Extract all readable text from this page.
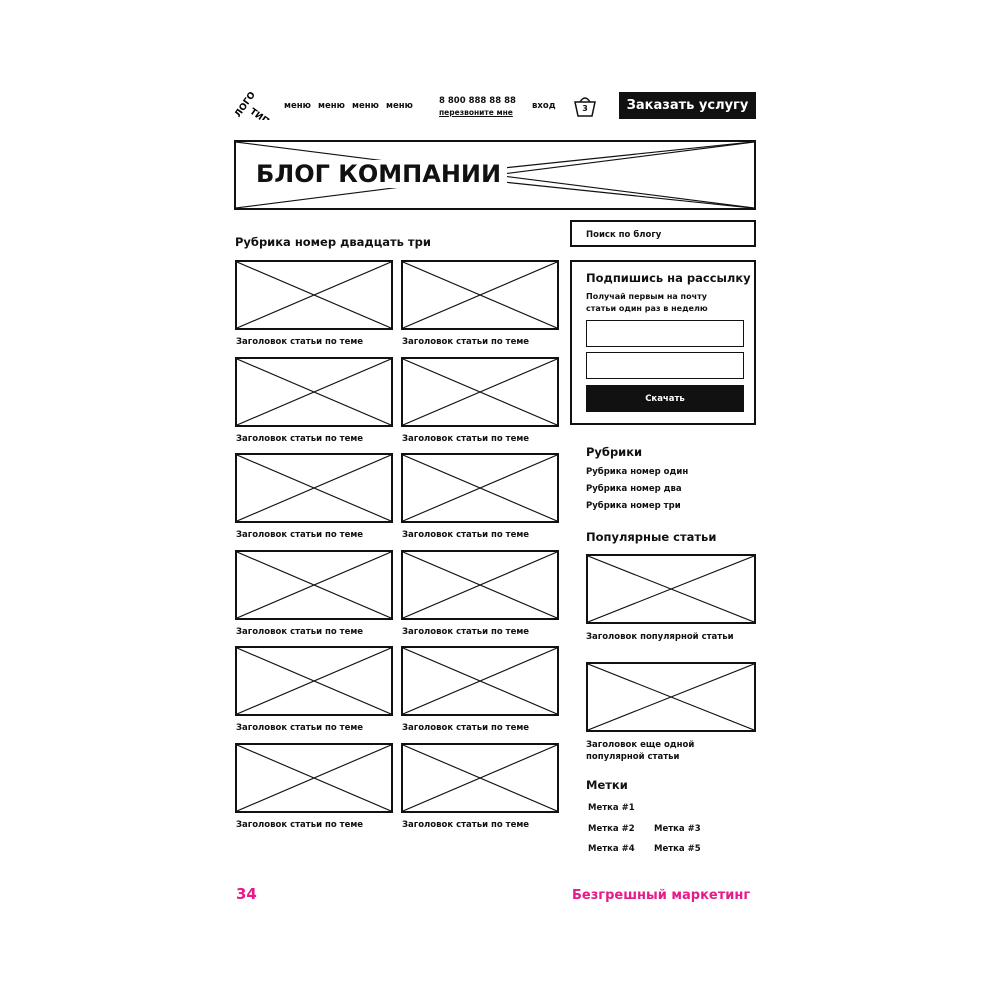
ЛОГО
ТИП
меню меню меню меню	8 800 888 88 88
перезвоните мне
вход	3	Заказать услугу
БЛОГ КОМПАНИИ
Рубрика номер двадцать три
Заголовок статьи по теме	Заголовок статьи по теме
Заголовок статьи по теме	Заголовок статьи по теме
Заголовок статьи по теме	Заголовок статьи по теме
Заголовок статьи по теме	Заголовок статьи по теме
Заголовок статьи по теме	Заголовок статьи по теме
Заголовок статьи по теме	Заголовок статьи по теме
Поиск по блогу
Подпишись на рассылку
Получай первым на почту
статьи один раз в неделю
Скачать
Рубрики
Рубрика номер один
Рубрика номер два
Рубрика номер три
Популярные статьи
Заголовок популярной статьи
Заголовок еще одной
популярной статьи
Метки
Метка #1
Метка #2 Метка #3
Метка #4 Метка #5
34	Безгрешный маркетинг
